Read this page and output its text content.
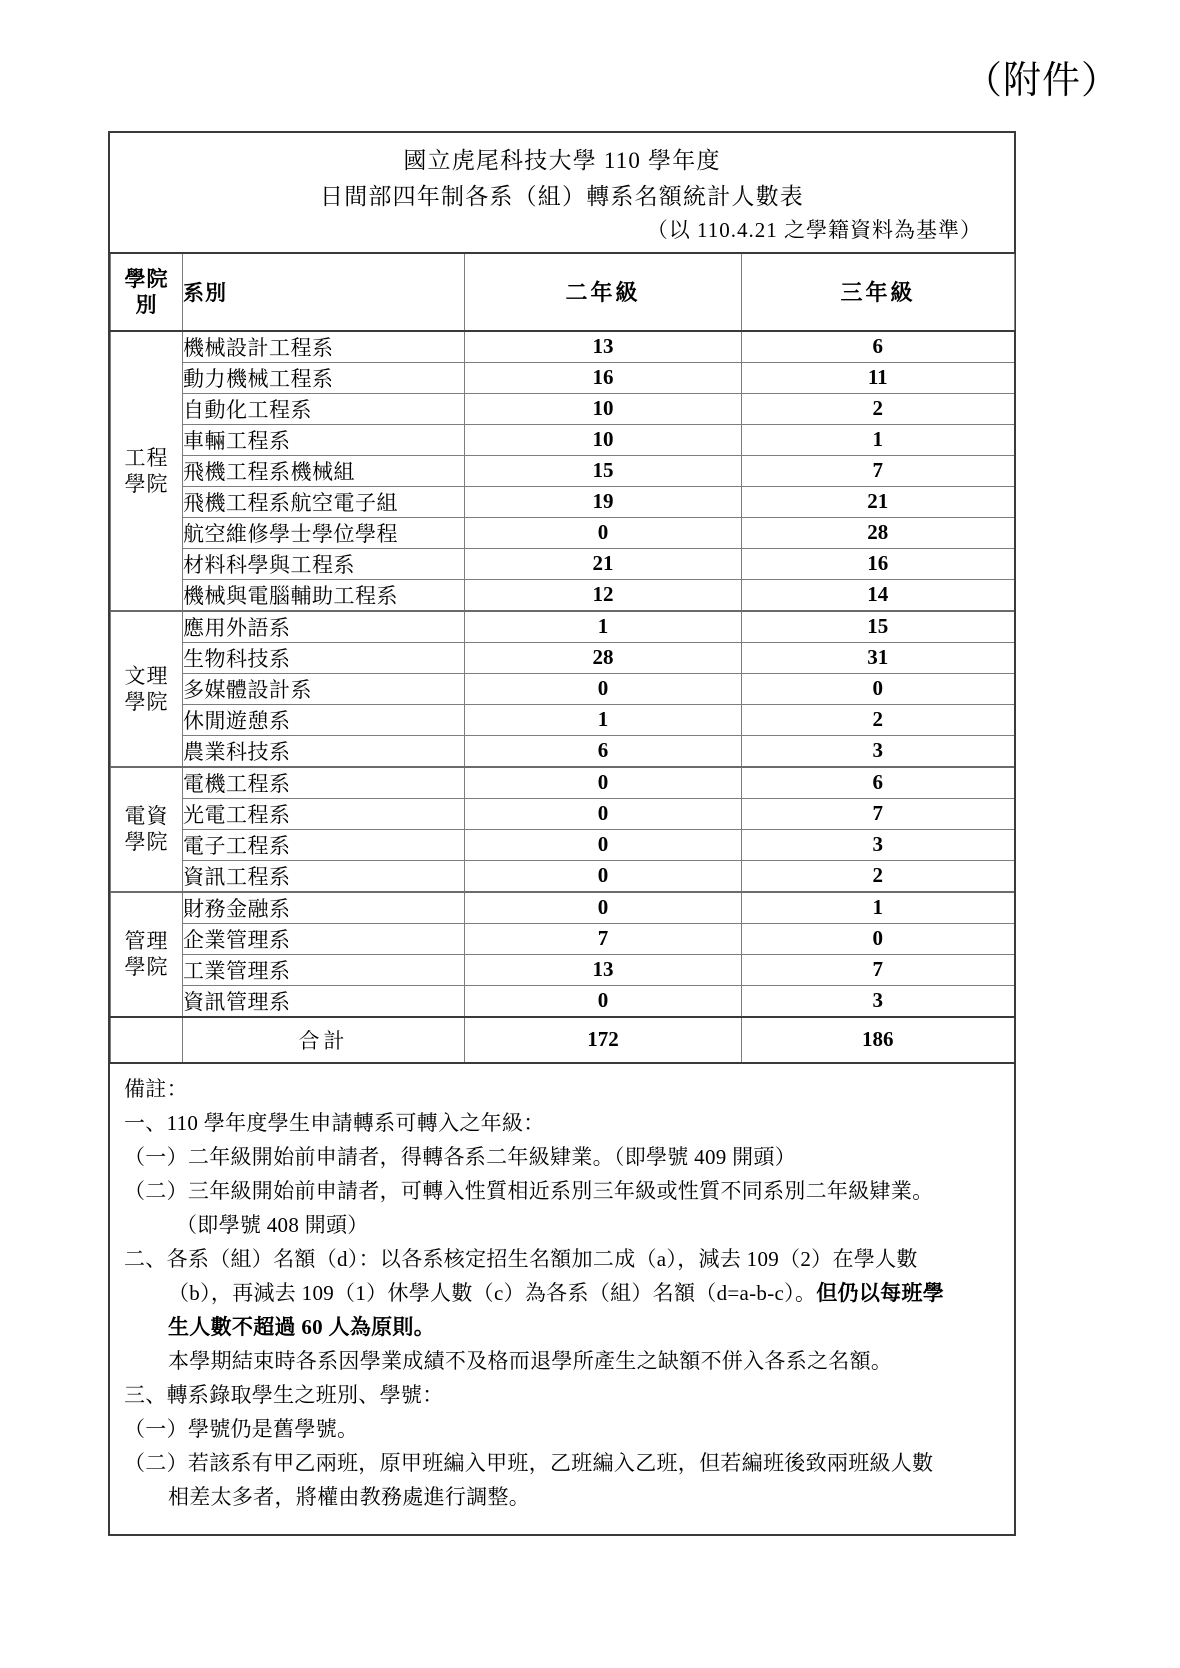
（附件）
國立虎尾科技大學 110 學年度
日間部四年制各系（組）轉系名額統計人數表
（以 110.4.21 之學籍資料為基準）
學院
別	系別	二年級	三年級

工程
學院	機械設計工程系	13	6
	動力機械工程系	16	11
	自動化工程系	10	2
	車輛工程系	10	1
	飛機工程系機械組	15	7
	飛機工程系航空電子組	19	21
	航空維修學士學位學程	0	28
	材料科學與工程系	21	16
	機械與電腦輔助工程系	12	14

文理
學院	應用外語系	1	15
	生物科技系	28	31
	多媒體設計系	0	0
	休閒遊憩系	1	2
	農業科技系	6	3

電資
學院	電機工程系	0	6
	光電工程系	0	7
	電子工程系	0	3
	資訊工程系	0	2

管理
學院	財務金融系	0	1
	企業管理系	7	0
	工業管理系	13	7
	資訊管理系	0	3
	合計	172	186
備註：
一、110 學年度學生申請轉系可轉入之年級：
（一）二年級開始前申請者，得轉各系二年級肄業。（即學號 409 開頭）
（二）三年級開始前申請者，可轉入性質相近系別三年級或性質不同系別二年級肄業。
（即學號 408 開頭）
二、各系（組）名額（d）：以各系核定招生名額加二成（a），減去 109（2）在學人數
（b），再減去 109（1）休學人數（c）為各系（組）名額（d=a-b-c）。但仍以每班學
生人數不超過 60 人為原則。
本學期結束時各系因學業成績不及格而退學所產生之缺額不併入各系之名額。
三、轉系錄取學生之班別、學號：
（一）學號仍是舊學號。
（二）若該系有甲乙兩班，原甲班編入甲班，乙班編入乙班，但若編班後致兩班級人數
相差太多者，將權由教務處進行調整。
